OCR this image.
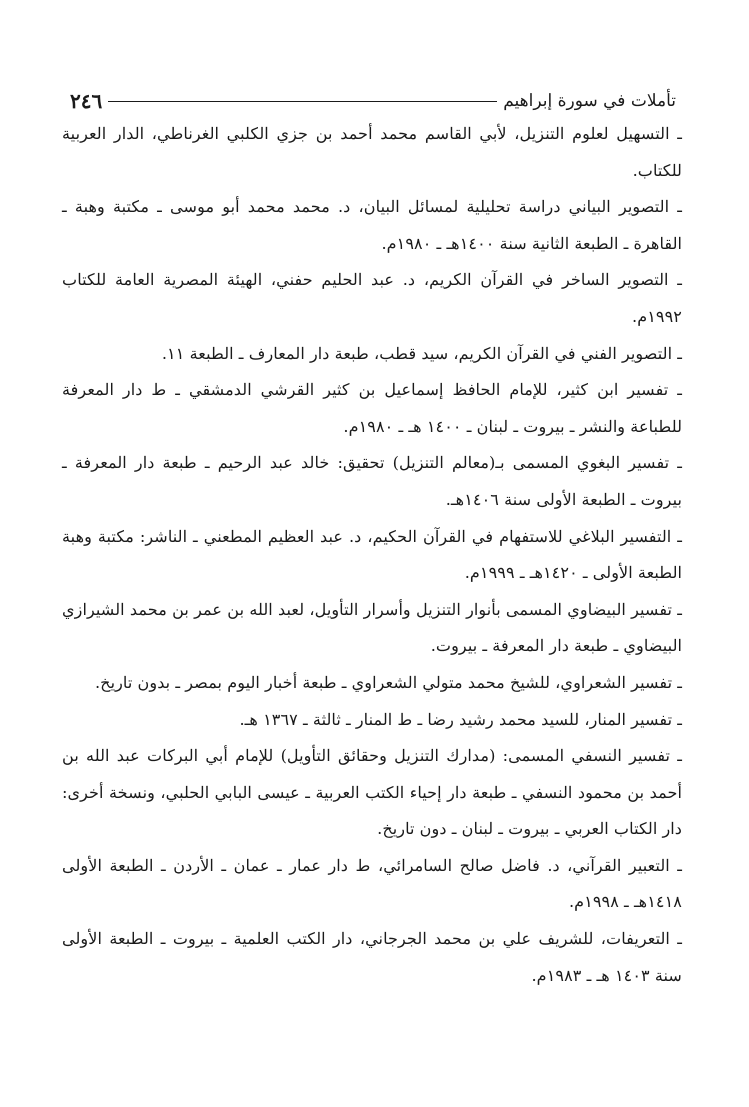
تأملات في سورة إبراهيم
٢٤٦
ـ التسهيل لعلوم التنزيل، لأبي القاسم محمد أحمد بن جزي الكلبي الغرناطي، الدار العربية للكتاب.
ـ التصوير البياني دراسة تحليلية لمسائل البيان، د. محمد محمد أبو موسى ـ مكتبة وهبة ـ القاهرة ـ الطبعة الثانية سنة ١٤٠٠هـ ـ ١٩٨٠م.
ـ التصوير الساخر في القرآن الكريم، د. عبد الحليم حفني، الهيئة المصرية العامة للكتاب ١٩٩٢م.
ـ التصوير الفني في القرآن الكريم، سيد قطب، طبعة دار المعارف ـ الطبعة ١١.
ـ تفسير ابن كثير، للإمام الحافظ إسماعيل بن كثير القرشي الدمشقي ـ ط دار المعرفة للطباعة والنشر ـ بيروت ـ لبنان ـ ١٤٠٠ هـ ـ ١٩٨٠م.
ـ تفسير البغوي المسمى بـ(معالم التنزيل) تحقيق: خالد عبد الرحيم ـ طبعة دار المعرفة ـ بيروت ـ الطبعة الأولى سنة ١٤٠٦هـ.
ـ التفسير البلاغي للاستفهام في القرآن الحكيم، د. عبد العظيم المطعني ـ الناشر: مكتبة وهبة الطبعة الأولى ـ ١٤٢٠هـ ـ ١٩٩٩م.
ـ تفسير البيضاوي المسمى بأنوار التنزيل وأسرار التأويل، لعبد الله بن عمر بن محمد الشيرازي البيضاوي ـ طبعة دار المعرفة ـ بيروت.
ـ تفسير الشعراوي، للشيخ محمد متولي الشعراوي ـ طبعة أخبار اليوم بمصر ـ بدون تاريخ.
ـ تفسير المنار، للسيد محمد رشيد رضا ـ ط المنار ـ ثالثة ـ ١٣٦٧ هـ.
ـ تفسير النسفي المسمى: (مدارك التنزيل وحقائق التأويل) للإمام أبي البركات عبد الله بن أحمد بن محمود النسفي ـ طبعة دار إحياء الكتب العربية ـ عيسى البابي الحلبي، ونسخة أخرى: دار الكتاب العربي ـ بيروت ـ لبنان ـ دون تاريخ.
ـ التعبير القرآني، د. فاضل صالح السامرائي، ط دار عمار ـ عمان ـ الأردن ـ الطبعة الأولى ١٤١٨هـ ـ ١٩٩٨م.
ـ التعريفات، للشريف علي بن محمد الجرجاني، دار الكتب العلمية ـ بيروت ـ الطبعة الأولى سنة ١٤٠٣ هـ ـ ١٩٨٣م.
